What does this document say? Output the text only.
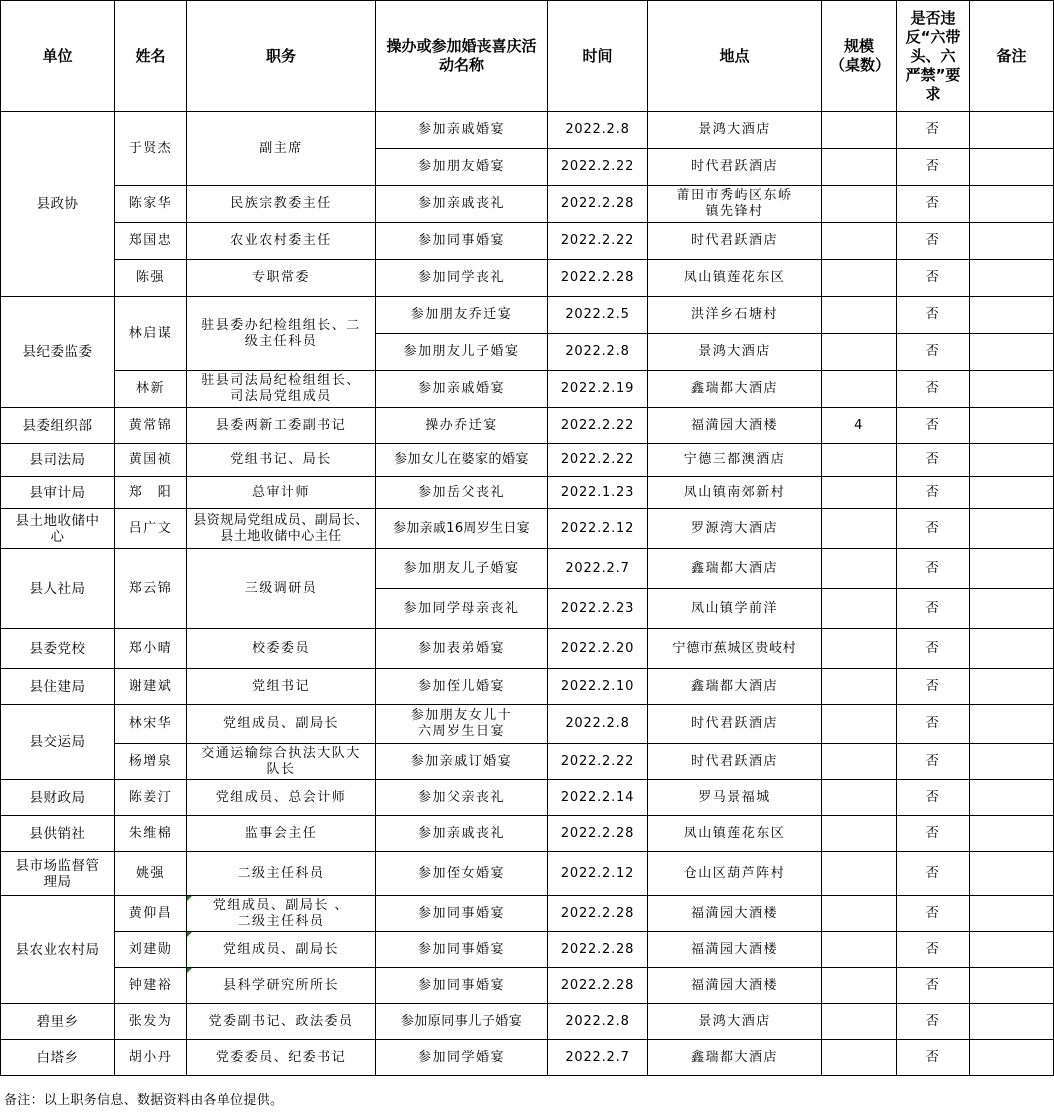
单位	姓名	职务	操办或参加婚丧喜庆活动名称	时间	地点	规模（桌数）	是否违反“六带头、六严禁”要求	备注
县政协	于贤杰	副主席	参加亲戚婚宴	2022.2.8	景鸿大酒店		否	
			参加朋友婚宴	2022.2.22	时代君跃酒店		否	
	陈家华	民族宗教委主任	参加亲戚丧礼	2022.2.28	莆田市秀屿区东峤镇先锋村		否	
	郑国忠	农业农村委主任	参加同事婚宴	2022.2.22	时代君跃酒店		否	
	陈强	专职常委	参加同学丧礼	2022.2.28	凤山镇莲花东区		否	
县纪委监委	林启谋	驻县委办纪检组组长、二级主任科员	参加朋友乔迁宴	2022.2.5	洪洋乡石塘村		否	
			参加朋友儿子婚宴	2022.2.8	景鸿大酒店		否	
	林新	驻县司法局纪检组组长、司法局党组成员	参加亲戚婚宴	2022.2.19	鑫瑞都大酒店		否	
县委组织部	黄常锦	县委两新工委副书记	操办乔迁宴	2022.2.22	福満园大酒楼	4	否	
县司法局	黄国祯	党组书记、局长	参加女儿在婆家的婚宴	2022.2.22	宁德三都澳酒店		否	
县审计局	郑　阳	总审计师	参加岳父丧礼	2022.1.23	凤山镇南郊新村		否	
县土地收储中心	吕广文	县资规局党组成员、副局长、县土地收储中心主任	参加亲戚16周岁生日宴	2022.2.12	罗源湾大酒店		否	
县人社局	郑云锦	三级调研员	参加朋友儿子婚宴	2022.2.7	鑫瑞都大酒店		否	
			参加同学母亲丧礼	2022.2.23	凤山镇学前洋		否	
县委党校	郑小晴	校委委员	参加表弟婚宴	2022.2.20	宁德市蕉城区贵岐村		否	
县住建局	谢建斌	党组书记	参加侄儿婚宴	2022.2.10	鑫瑞都大酒店		否	
县交运局	林宋华	党组成员、副局长	参加朋友女儿十六周岁生日宴	2022.2.8	时代君跃酒店		否	
	杨增泉	交通运输综合执法大队大队长	参加亲戚订婚宴	2022.2.22	时代君跃酒店		否	
县财政局	陈姜汀	党组成员、总会计师	参加父亲丧礼	2022.2.14	罗马景福城		否	
县供销社	朱维棉	监事会主任	参加亲戚丧礼	2022.2.28	凤山镇莲花东区		否	
县市场监督管理局	姚强	二级主任科员	参加侄女婚宴	2022.2.12	仓山区葫芦阵村		否	
县农业农村局	黄仰昌	党组成员、副局长 、二级主任科员	参加同事婚宴	2022.2.28	福満园大酒楼		否	
	刘建勋	党组成员、副局长	参加同事婚宴	2022.2.28	福満园大酒楼		否	
	钟建裕	县科学研究所所长	参加同事婚宴	2022.2.28	福満园大酒楼		否	
碧里乡	张发为	党委副书记、政法委员	参加原同事儿子婚宴	2022.2.8	景鸿大酒店		否	
白塔乡	胡小丹	党委委员、纪委书记	参加同学婚宴	2022.2.7	鑫瑞都大酒店		否	
备注：以上职务信息、数据资料由各单位提供。
